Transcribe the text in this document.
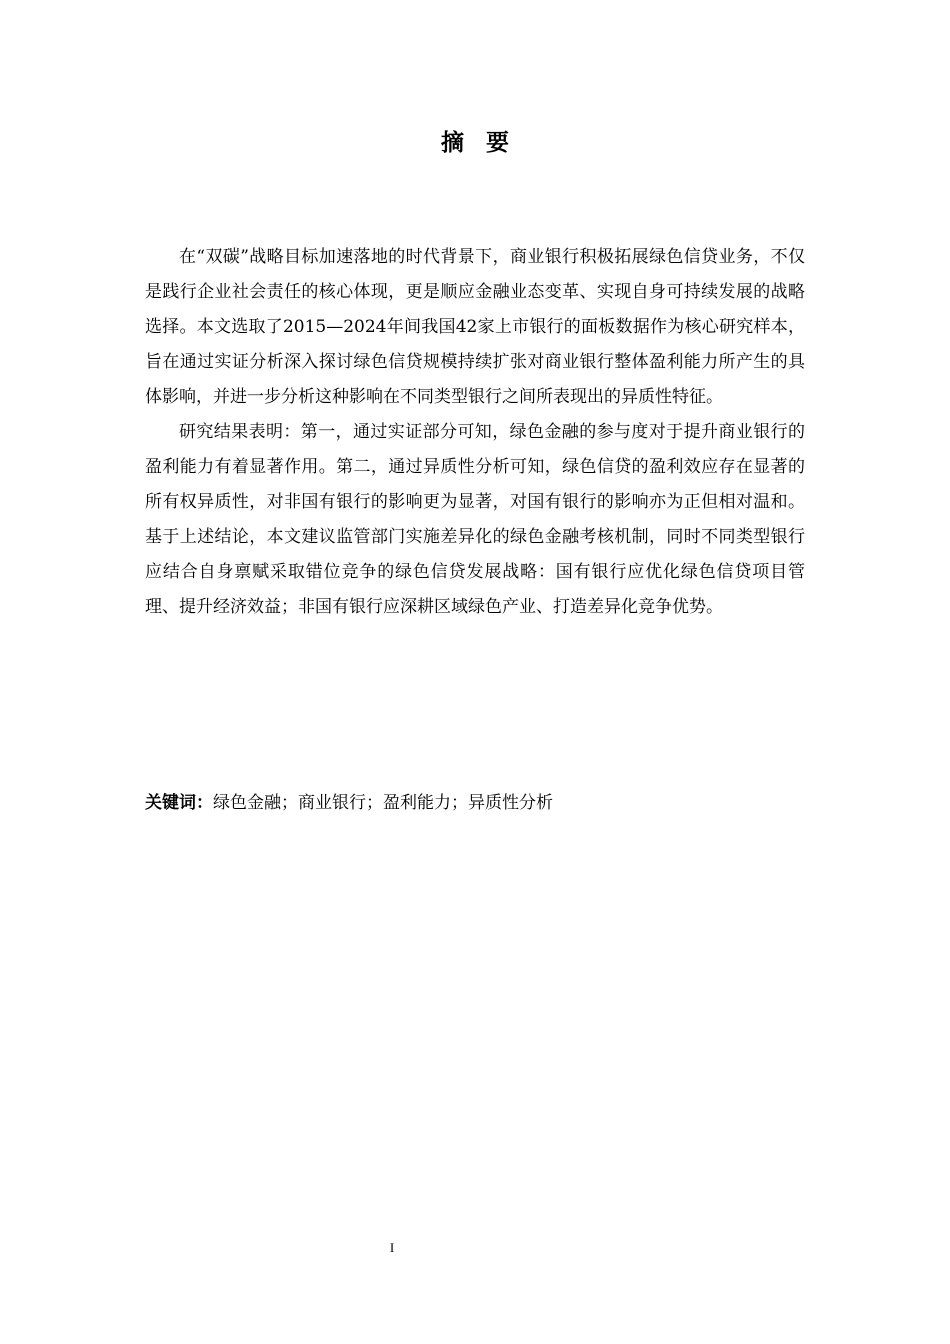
摘 要

在“双碳”战略目标加速落地的时代背景下，商业银行积极拓展绿色信贷业务，不仅是践行企业社会责任的核心体现，更是顺应金融业态变革、实现自身可持续发展的战略选择。本文选取了2015—2024年间我国42家上市银行的面板数据作为核心研究样本，旨在通过实证分析深入探讨绿色信贷规模持续扩张对商业银行整体盈利能力所产生的具体影响，并进一步分析这种影响在不同类型银行之间所表现出的异质性特征。

研究结果表明：第一，通过实证部分可知，绿色金融的参与度对于提升商业银行的盈利能力有着显著作用。第二，通过异质性分析可知，绿色信贷的盈利效应存在显著的所有权异质性，对非国有银行的影响更为显著，对国有银行的影响亦为正但相对温和。基于上述结论，本文建议监管部门实施差异化的绿色金融考核机制，同时不同类型银行应结合自身禀赋采取错位竞争的绿色信贷发展战略：国有银行应优化绿色信贷项目管理、提升经济效益；非国有银行应深耕区域绿色产业、打造差异化竞争优势。

关键词：绿色金融；商业银行；盈利能力；异质性分析

I
